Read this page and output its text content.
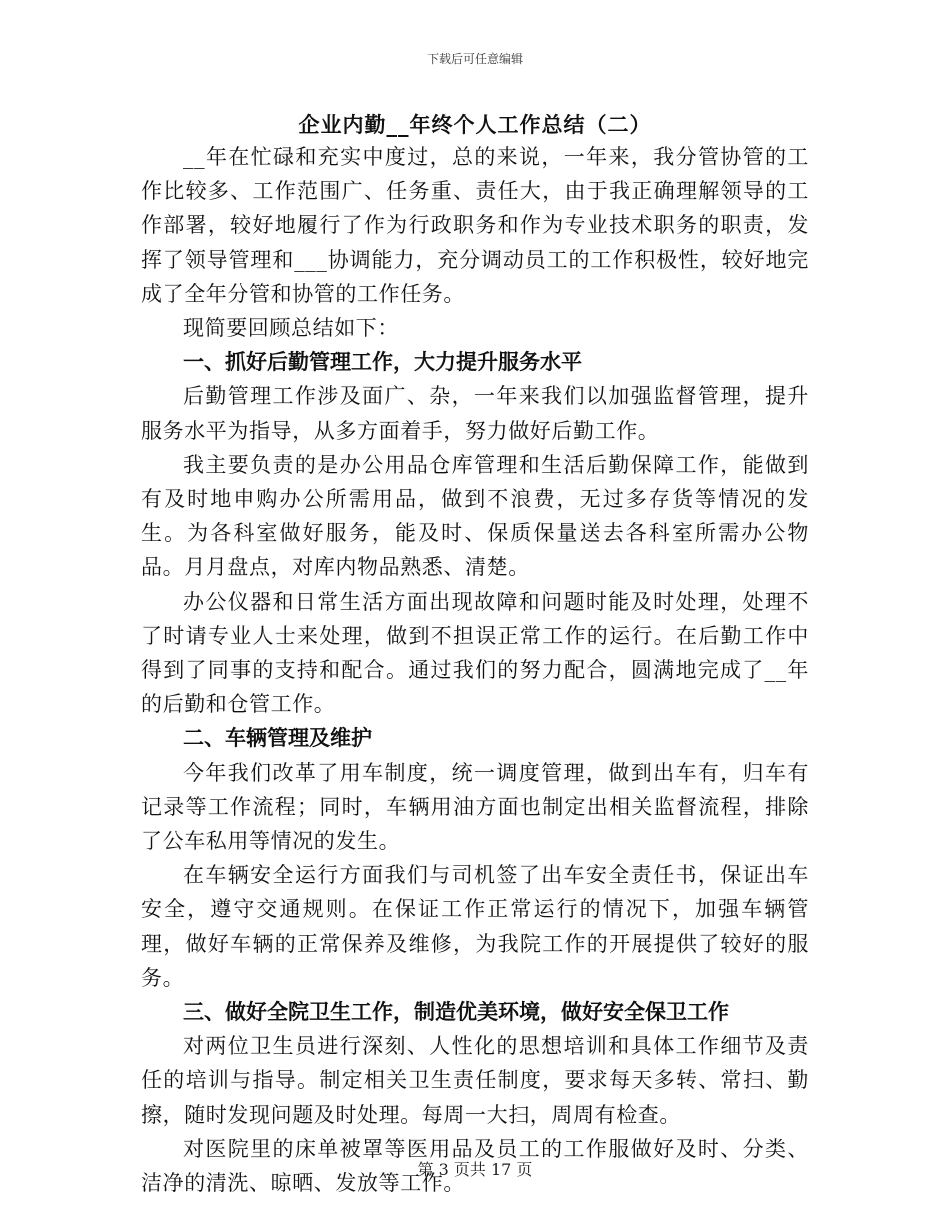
下载后可任意编辑
企业内勤__年终个人工作总结（二）

__年在忙碌和充实中度过，总的来说，一年来，我分管协管的工作比较多、工作范围广、任务重、责任大，由于我正确理解领导的工作部署，较好地履行了作为行政职务和作为专业技术职务的职责，发挥了领导管理和___协调能力，充分调动员工的工作积极性，较好地完成了全年分管和协管的工作任务。

现简要回顾总结如下：

一、抓好后勤管理工作，大力提升服务水平

后勤管理工作涉及面广、杂，一年来我们以加强监督管理，提升服务水平为指导，从多方面着手，努力做好后勤工作。

我主要负责的是办公用品仓库管理和生活后勤保障工作，能做到有及时地申购办公所需用品，做到不浪费，无过多存货等情况的发生。为各科室做好服务，能及时、保质保量送去各科室所需办公物品。月月盘点，对库内物品熟悉、清楚。

办公仪器和日常生活方面出现故障和问题时能及时处理，处理不了时请专业人士来处理，做到不担误正常工作的运行。在后勤工作中得到了同事的支持和配合。通过我们的努力配合，圆满地完成了__年的后勤和仓管工作。

二、车辆管理及维护

今年我们改革了用车制度，统一调度管理，做到出车有，归车有记录等工作流程；同时，车辆用油方面也制定出相关监督流程，排除了公车私用等情况的发生。

在车辆安全运行方面我们与司机签了出车安全责任书，保证出车安全，遵守交通规则。在保证工作正常运行的情况下，加强车辆管理，做好车辆的正常保养及维修，为我院工作的开展提供了较好的服务。

三、做好全院卫生工作，制造优美环境，做好安全保卫工作

对两位卫生员进行深刻、人性化的思想培训和具体工作细节及责任的培训与指导。制定相关卫生责任制度，要求每天多转、常扫、勤擦，随时发现问题及时处理。每周一大扫，周周有检查。

对医院里的床单被罩等医用品及员工的工作服做好及时、分类、洁净的清洗、晾晒、发放等工作。

第 3 页共 17 页
